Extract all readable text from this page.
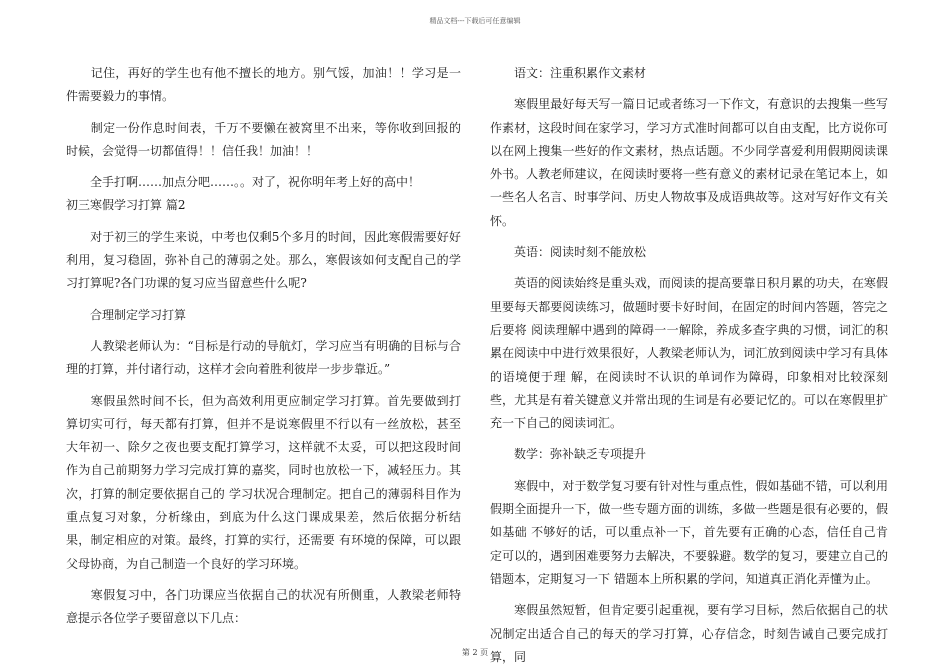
精品文档---下载后可任意编辑

　　记住，再好的学生也有他不擅长的地方。别气馁，加油！！学习是一件需要毅力的事情。

　　制定一份作息时间表，千万不要懒在被窝里不出来，等你收到回报的时候，会觉得一切都值得！！信任我！加油！！

　　全手打啊……加点分吧……。。对了，祝你明年考上好的高中！

初三寒假学习打算 篇2

　　对于初三的学生来说，中考也仅剩5个多月的时间，因此寒假需要好好利用，复习稳固，弥补自己的薄弱之处。那么，寒假该如何支配自己的学习打算呢?各门功课的复习应当留意些什么呢?

　　合理制定学习打算

　　人教梁老师认为：“目标是行动的导航灯，学习应当有明确的目标与合理的打算，并付诸行动，这样才会向着胜利彼岸一步步靠近。”

　　寒假虽然时间不长，但为高效利用更应制定学习打算。首先要做到打算切实可行，每天都有打算，但并不是说寒假里不行以有一丝放松，甚至大年初一、除夕之夜也要支配打算学习，这样就不太妥，可以把这段时间作为自己前期努力学习完成打算的嘉奖，同时也放松一下，减轻压力。其次，打算的制定要依据自己的 学习状况合理制定。把自己的薄弱科目作为重点复习对象，分析缘由，到底为什么这门课成果差，然后依据分析结果，制定相应的对策。最终，打算的实行，还需要 有环境的保障，可以跟父母协商，为自己制造一个良好的学习环境。

　　寒假复习中，各门功课应当依据自己的状况有所侧重，人教梁老师特意提示各位学子要留意以下几点：

　　语文：注重积累作文素材

　　寒假里最好每天写一篇日记或者练习一下作文，有意识的去搜集一些写作素材，这段时间在家学习，学习方式准时间都可以自由支配，比方说你可以在网上搜集一些好的作文素材，热点话题。不少同学喜爱利用假期阅读课外书。人教老师建议，在阅读时要将一些有意义的素材记录在笔记本上，如一些名人名言、时事学问、历史人物故事及成语典故等。这对写好作文有关怀。

　　英语：阅读时刻不能放松

　　英语的阅读始终是重头戏，而阅读的提高要靠日积月累的功夫，在寒假里要每天都要阅读练习，做题时要卡好时间，在固定的时间内答题，答完之后要将 阅读理解中遇到的障碍一一解除，养成多查字典的习惯，词汇的积累在阅读中中进行效果很好，人教梁老师认为，词汇放到阅读中学习有具体的语境便于理 解，在阅读时不认识的单词作为障碍，印象相对比较深刻些，尤其是有着关键意义并常出现的生词是有必要记忆的。可以在寒假里扩充一下自己的阅读词汇。

　　数学：弥补缺乏专项提升

　　寒假中，对于数学复习要有针对性与重点性，假如基础不错，可以利用假期全面提升一下，做一些专题方面的训练，多做一些题是很有必要的，假如基础 不够好的话，可以重点补一下，首先要有正确的心态，信任自己肯定可以的，遇到困难要努力去解决，不要躲避。数学的复习，要建立自己的错题本，定期复习一下 错题本上所积累的学问，知道真正消化弄懂为止。

　　寒假虽然短暂，但肯定要引起重视，要有学习目标，然后依据自己的状况制定出适合自己的每天的学习打算，心存信念，时刻告诫自己要完成打算，同

第 2 页
